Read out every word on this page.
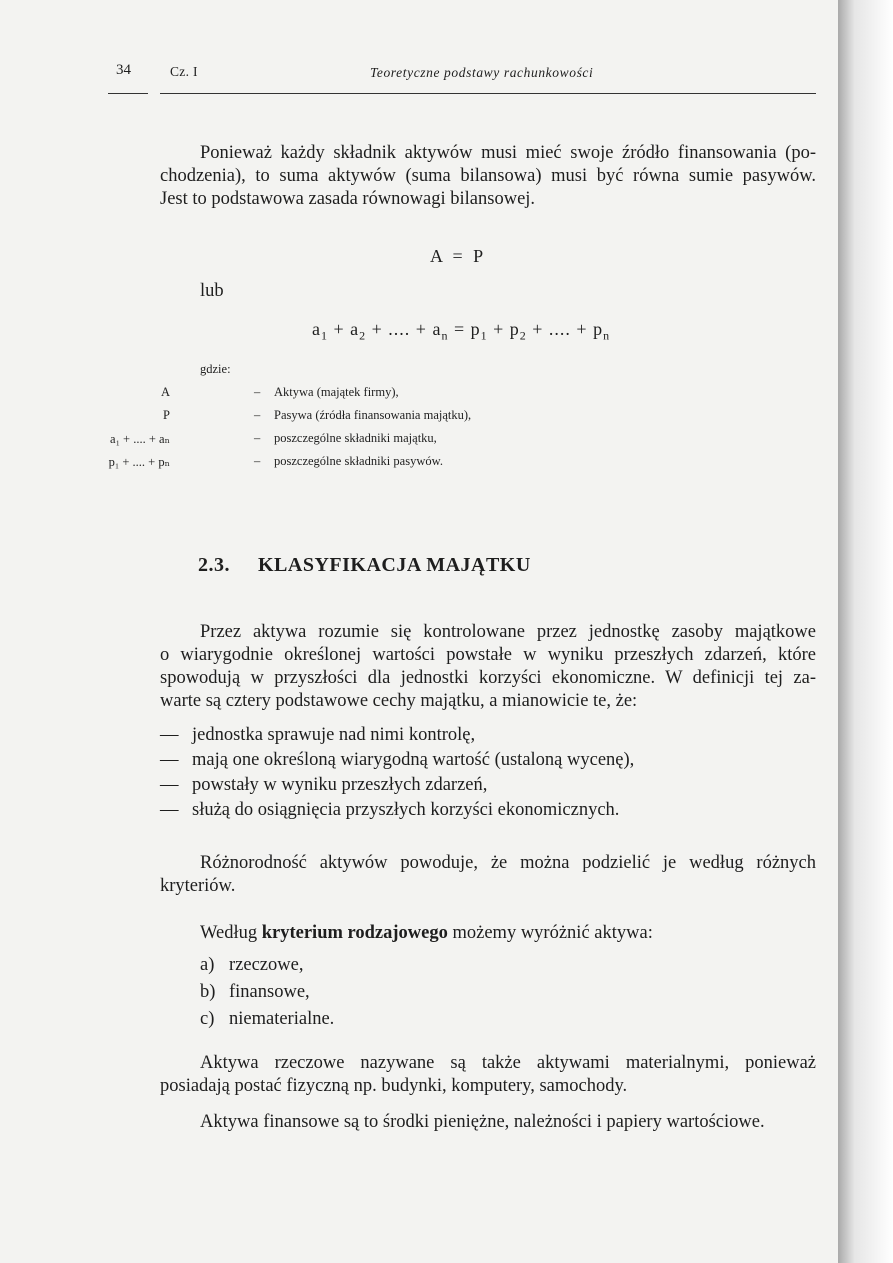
34	Cz. I	Teoretyczne podstawy rachunkowości
Ponieważ każdy składnik aktywów musi mieć swoje źródło finansowania (po-
chodzenia), to suma aktywów (suma bilansowa) musi być równa sumie pasywów.
Jest to podstawowa zasada równowagi bilansowej.
A = P
lub
$a_1 + a_2$ + .... + $a_n = p_1 + p_2$ + .... + $p_n$
gdzie:
A	– Aktywa (majątek firmy),
P	– Pasywa (źródła finansowania majątku),
a₁ + .... + aₙ	– poszczególne składniki majątku,
p₁ + .... + pₙ	– poszczególne składniki pasywów.
2.3. KLASYFIKACJA MAJĄTKU
Przez aktywa rozumie się kontrolowane przez jednostkę zasoby majątkowe
o wiarygodnie określonej wartości powstałe w wyniku przeszłych zdarzeń, które
spowodują w przyszłości dla jednostki korzyści ekonomiczne. W definicji tej za-
warte są cztery podstawowe cechy majątku, a mianowicie te, że:
— jednostka sprawuje nad nimi kontrolę,
— mają one określoną wiarygodną wartość (ustaloną wycenę),
— powstały w wyniku przeszłych zdarzeń,
— służą do osiągnięcia przyszłych korzyści ekonomicznych.
Różnorodność aktywów powoduje, że można podzielić je według różnych
kryteriów.
Według kryterium rodzajowego możemy wyróżnić aktywa:
a) rzeczowe,
b) finansowe,
c) niematerialne.
Aktywa rzeczowe nazywane są także aktywami materialnymi, ponieważ
posiadają postać fizyczną np. budynki, komputery, samochody.
Aktywa finansowe są to środki pieniężne, należności i papiery wartościowe.
